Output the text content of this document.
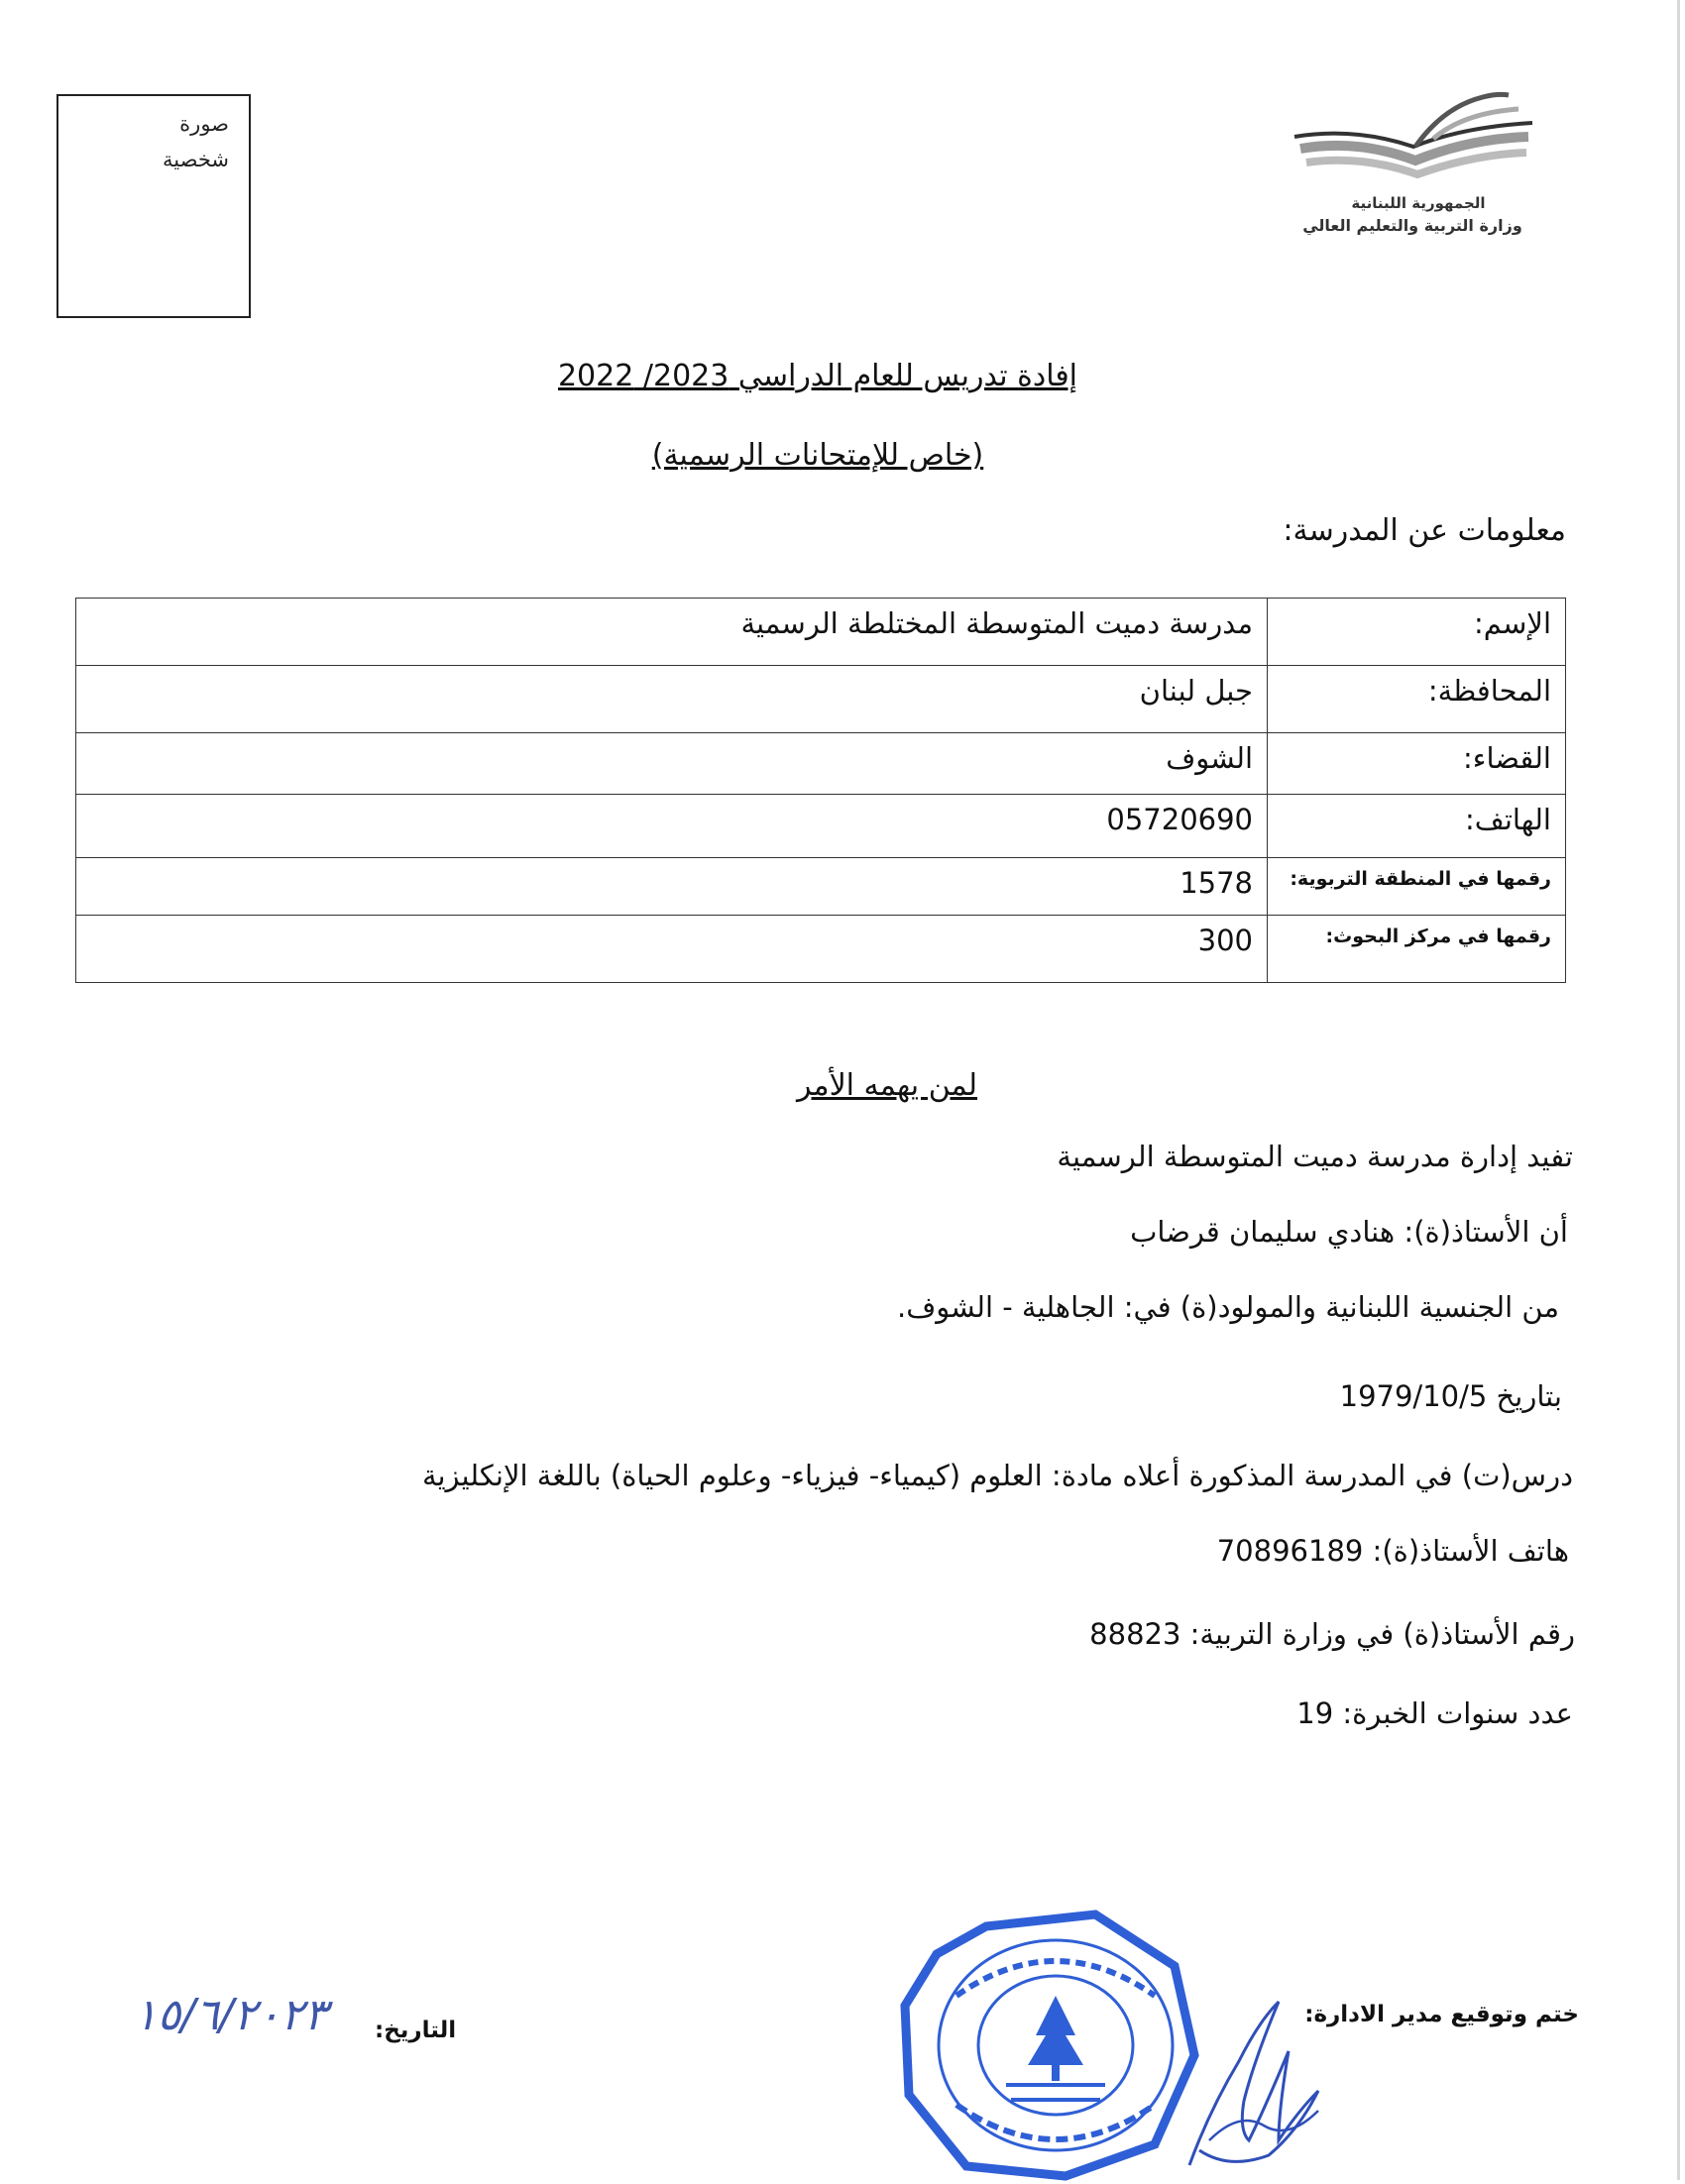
صورة
شخصية
الجمهورية اللبنانية
وزارة التربية والتعليم العالي
إفادة تدريس للعام الدراسي 2023/ 2022
(خاص للإمتحانات الرسمية)
معلومات عن المدرسة:
الإسم:	مدرسة دميت المتوسطة المختلطة الرسمية
المحافظة:	جبل لبنان
القضاء:	الشوف
الهاتف:	05720690
رقمها في المنطقة التربوية:	1578
رقمها في مركز البحوث:	300
لمن يهمه الأمر
تفيد إدارة مدرسة دميت المتوسطة الرسمية
أن الأستاذ(ة): هنادي سليمان قرضاب
من الجنسية اللبنانية والمولود(ة) في: الجاهلية - الشوف.
بتاريخ 1979/10/5
درس(ت) في المدرسة المذكورة أعلاه مادة: العلوم (كيمياء- فيزياء- وعلوم الحياة) باللغة الإنكليزية
هاتف الأستاذ(ة): 70896189
رقم الأستاذ(ة) في وزارة التربية: 88823
عدد سنوات الخبرة: 19
ختم وتوقيع مدير الادارة:
التاريخ:
١٥/٦/٢٠٢٣
